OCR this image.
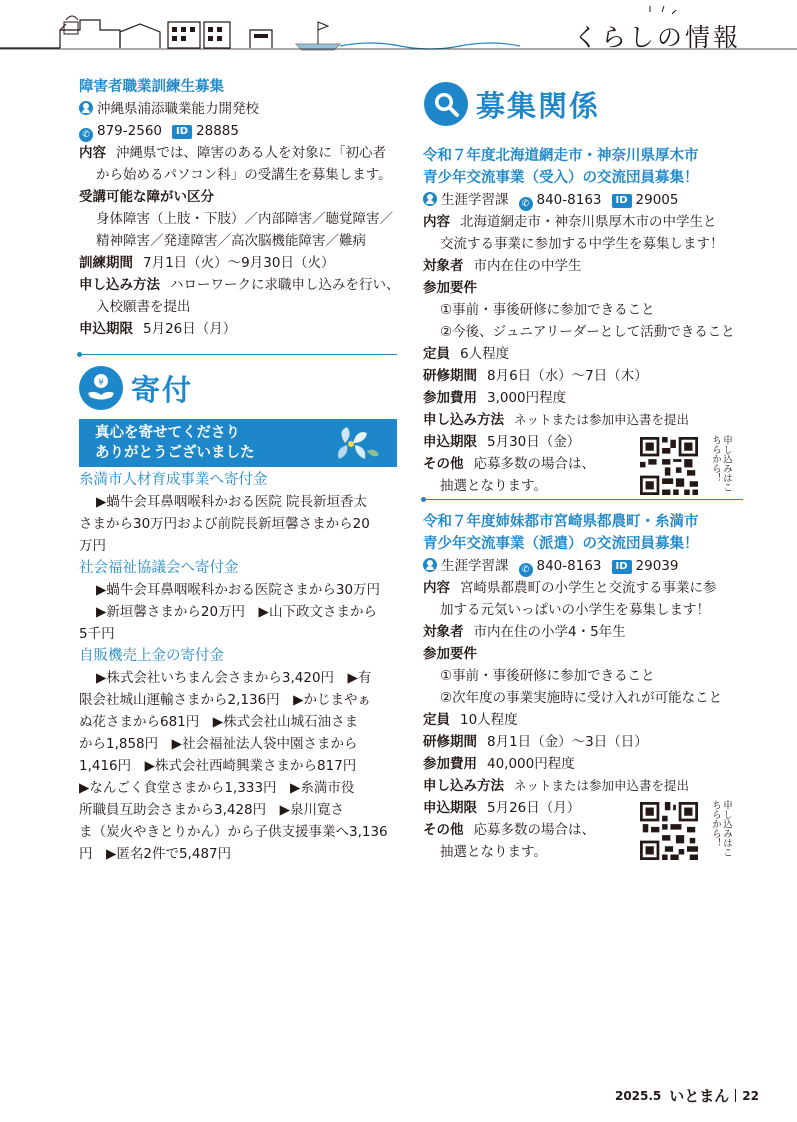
くらしの情報
障害者職業訓練生募集
沖縄県浦添職業能力開発校
✆ 879-2560 ID 28885
内容 沖縄県では、障害のある人を対象に「初心者
から始めるパソコン科」の受講生を募集します。
受講可能な障がい区分
身体障害（上肢・下肢）／内部障害／聴覚障害／
精神障害／発達障害／高次脳機能障害／難病
訓練期間 7月1日（火）～9月30日（火）
申し込み方法 ハローワークに求職申し込みを行い、
入校願書を提出
申込期限 5月26日（月）
¥ 寄付
真心を寄せてくださり
ありがとうございました
糸満市人材育成事業へ寄付金
▶蝸牛会耳鼻咽喉科かおる医院 院長新垣香太
さまから30万円および前院長新垣馨さまから20
万円
社会福祉協議会へ寄付金
▶蝸牛会耳鼻咽喉科かおる医院さまから30万円
▶新垣馨さまから20万円　▶山下政文さまから
5千円
自販機売上金の寄付金
▶株式会社いちまん会さまから3,420円　▶有
限会社城山運輸さまから2,136円　▶かじまやぁ
ぬ花さまから681円　▶株式会社山城石油さま
から1,858円　▶社会福祉法人袋中園さまから
1,416円　▶株式会社西崎興業さまから817円
▶なんごく食堂さまから1,333円　▶糸満市役
所職員互助会さまから3,428円　▶泉川寛さ
ま（炭火やきとりかん）から子供支援事業へ3,136
円　▶匿名2件で5,487円
募集関係
令和７年度北海道網走市・神奈川県厚木市
青少年交流事業（受入）の交流団員募集！
生涯学習課 ✆ 840-8163 ID 29005
内容 北海道網走市・神奈川県厚木市の中学生と
交流する事業に参加する中学生を募集します！
対象者 市内在住の中学生
参加要件
①事前・事後研修に参加できること
②今後、ジュニアリーダーとして活動できること
定員 6人程度
研修期間 8月6日（水）～7日（木）
参加費用 3,000円程度
申し込み方法 ネットまたは参加申込書を提出
申込期限 5月30日（金）
その他 応募多数の場合は、
抽選となります。	申し込みはこちらから！
令和７年度姉妹都市宮崎県都農町・糸満市
青少年交流事業（派遣）の交流団員募集！
生涯学習課 ✆ 840-8163 ID 29039
内容 宮崎県都農町の小学生と交流する事業に参
加する元気いっぱいの小学生を募集します！
対象者 市内在住の小学4・5年生
参加要件
①事前・事後研修に参加できること
②次年度の事業実施時に受け入れが可能なこと
定員 10人程度
研修期間 8月1日（金）～3日（日）
参加費用 40,000円程度
申し込み方法 ネットまたは参加申込書を提出
申込期限 5月26日（月）
その他 応募多数の場合は、
抽選となります。	申し込みはこちらから！
2025.5 いとまん 22
